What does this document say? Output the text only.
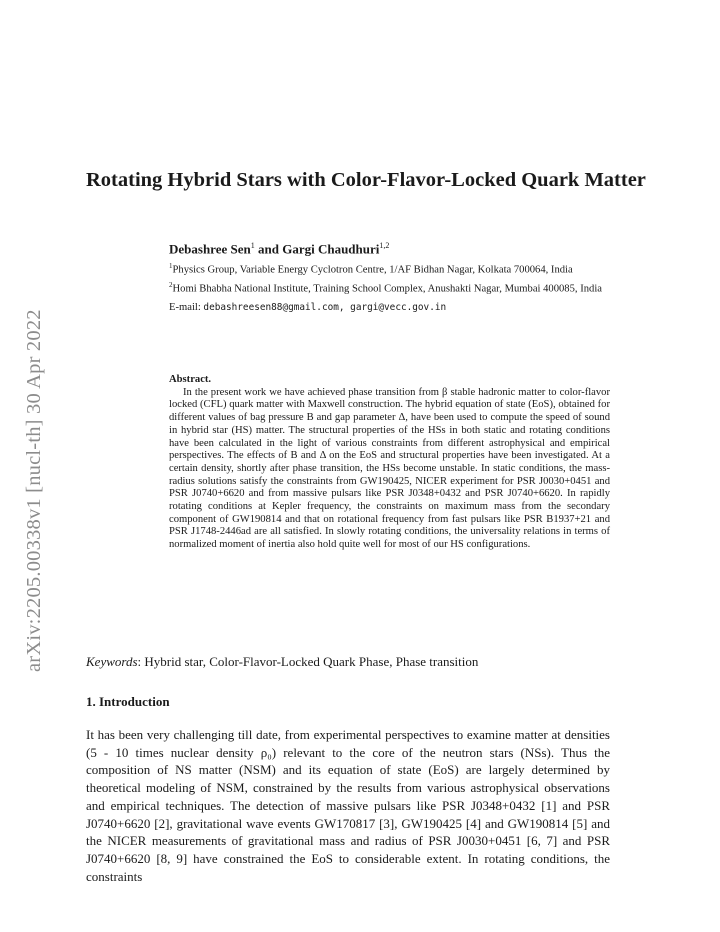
arXiv:2205.00338v1 [nucl-th] 30 Apr 2022
Rotating Hybrid Stars with Color-Flavor-Locked Quark Matter
Debashree Sen$^1$ and Gargi Chaudhuri$^{1,2}$
$^1$Physics Group, Variable Energy Cyclotron Centre, 1/AF Bidhan Nagar, Kolkata 700064, India
$^2$Homi Bhabha National Institute, Training School Complex, Anushakti Nagar, Mumbai 400085, India
E-mail: debashreesen88@gmail.com, gargi@vecc.gov.in
Abstract.
In the present work we have achieved phase transition from β stable hadronic matter to color-flavor locked (CFL) quark matter with Maxwell construction. The hybrid equation of state (EoS), obtained for different values of bag pressure B and gap parameter Δ, have been used to compute the speed of sound in hybrid star (HS) matter. The structural properties of the HSs in both static and rotating conditions have been calculated in the light of various constraints from different astrophysical and empirical perspectives. The effects of B and Δ on the EoS and structural properties have been investigated. At a certain density, shortly after phase transition, the HSs become unstable. In static conditions, the mass-radius solutions satisfy the constraints from GW190425, NICER experiment for PSR J0030+0451 and PSR J0740+6620 and from massive pulsars like PSR J0348+0432 and PSR J0740+6620. In rapidly rotating conditions at Kepler frequency, the constraints on maximum mass from the secondary component of GW190814 and that on rotational frequency from fast pulsars like PSR B1937+21 and PSR J1748-2446ad are all satisfied. In slowly rotating conditions, the universality relations in terms of normalized moment of inertia also hold quite well for most of our HS configurations.
Keywords: Hybrid star, Color-Flavor-Locked Quark Phase, Phase transition
1. Introduction
It has been very challenging till date, from experimental perspectives to examine matter at densities (5 - 10 times nuclear density ρ₀) relevant to the core of the neutron stars (NSs). Thus the composition of NS matter (NSM) and its equation of state (EoS) are largely determined by theoretical modeling of NSM, constrained by the results from various astrophysical observations and empirical techniques. The detection of massive pulsars like PSR J0348+0432 [1] and PSR J0740+6620 [2], gravitational wave events GW170817 [3], GW190425 [4] and GW190814 [5] and the NICER measurements of gravitational mass and radius of PSR J0030+0451 [6, 7] and PSR J0740+6620 [8, 9] have constrained the EoS to considerable extent. In rotating conditions, the constraints
